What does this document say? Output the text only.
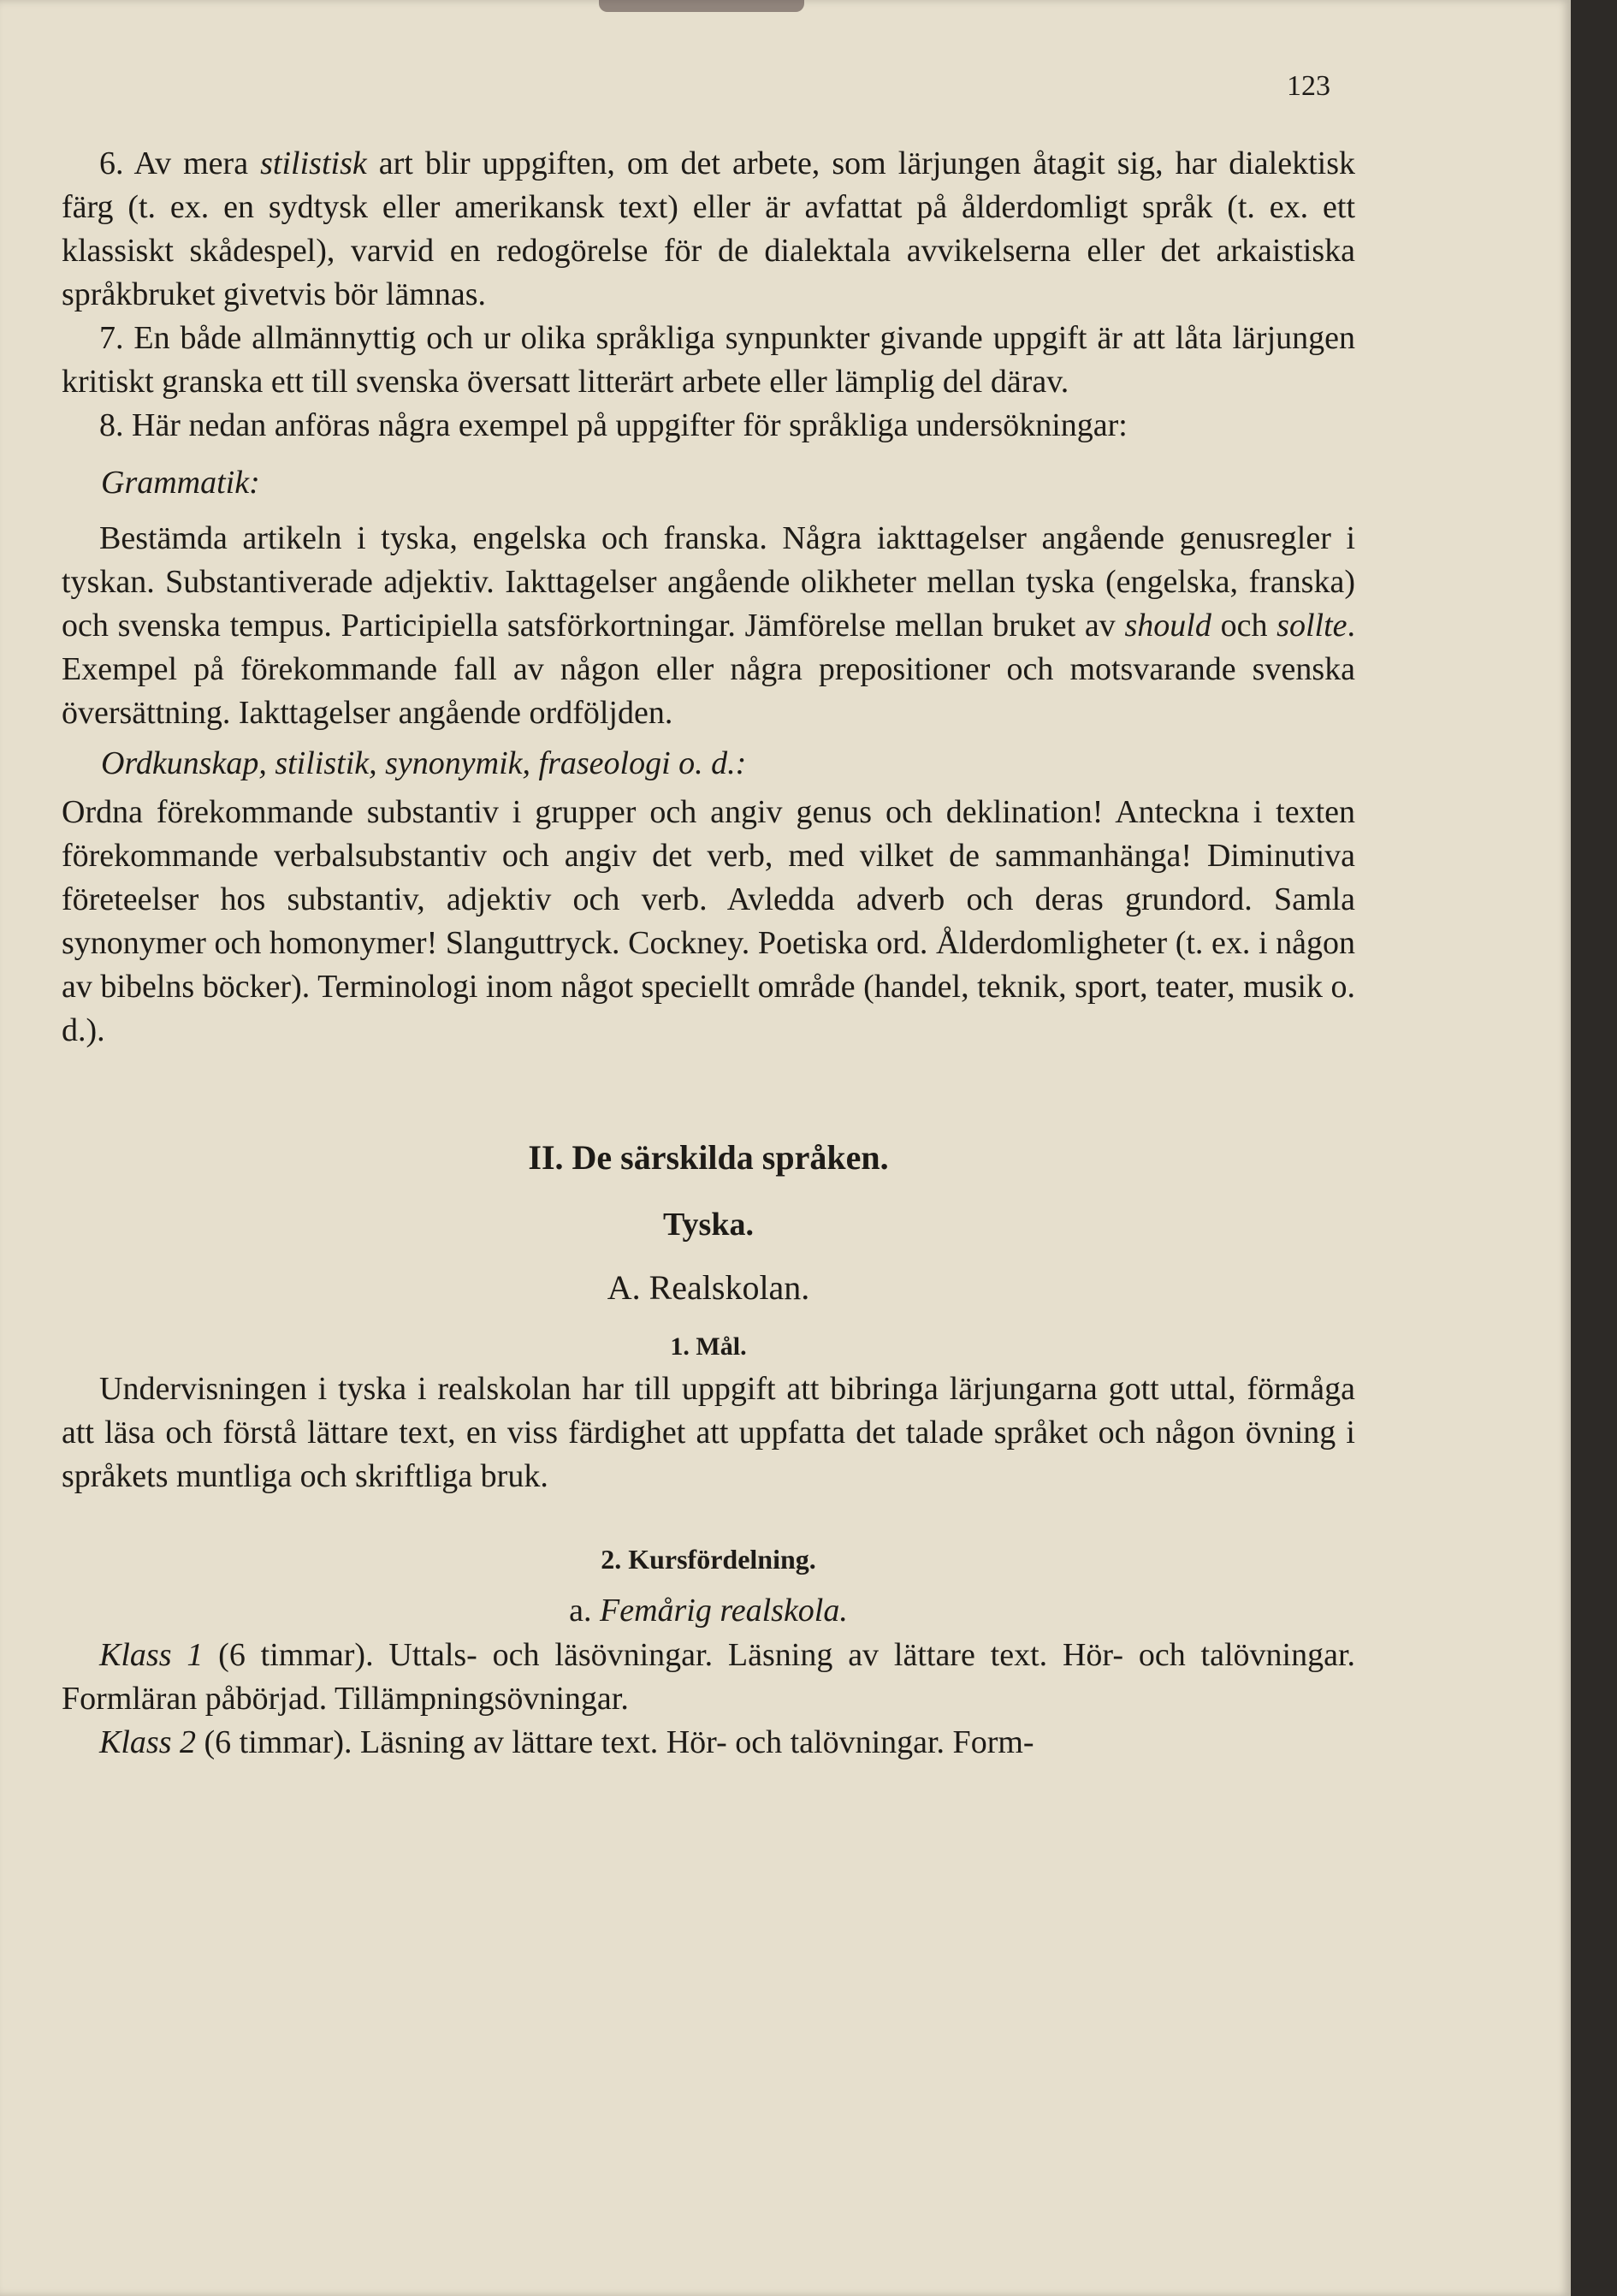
123

6. Av mera stilistisk art blir uppgiften, om det arbete, som lärjungen åtagit sig, har dialektisk färg (t. ex. en sydtysk eller amerikansk text) eller är avfattat på ålderdomligt språk (t. ex. ett klassiskt skådespel), varvid en redogörelse för de dialektala avvikelserna eller det arkaistiska språkbruket givetvis bör lämnas.

7. En både allmännyttig och ur olika språkliga synpunkter givande uppgift är att låta lärjungen kritiskt granska ett till svenska översatt litterärt arbete eller lämplig del därav.

8. Här nedan anföras några exempel på uppgifter för språkliga undersökningar:

Grammatik:

Bestämda artikeln i tyska, engelska och franska. Några iakttagelser angående genusregler i tyskan. Substantiverade adjektiv. Iakttagelser angående olikheter mellan tyska (engelska, franska) och svenska tempus. Participiella satsförkortningar. Jämförelse mellan bruket av should och sollte. Exempel på förekommande fall av någon eller några prepositioner och motsvarande svenska översättning. Iakttagelser angående ordföljden.

Ordkunskap, stilistik, synonymik, fraseologi o. d.:

Ordna förekommande substantiv i grupper och angiv genus och deklination! Anteckna i texten förekommande verbalsubstantiv och angiv det verb, med vilket de sammanhänga! Diminutiva företeelser hos substantiv, adjektiv och verb. Avledda adverb och deras grundord. Samla synonymer och homonymer! Slanguttryck. Cockney. Poetiska ord. Ålderdomligheter (t. ex. i någon av bibelns böcker). Terminologi inom något speciellt område (handel, teknik, sport, teater, musik o. d.).

II. De särskilda språken.

Tyska.

A. Realskolan.

1. Mål.

Undervisningen i tyska i realskolan har till uppgift att bibringa lärjungarna gott uttal, förmåga att läsa och förstå lättare text, en viss färdighet att uppfatta det talade språket och någon övning i språkets muntliga och skriftliga bruk.

2. Kursfördelning.

a. Femårig realskola.

Klass 1 (6 timmar). Uttals- och läsövningar. Läsning av lättare text. Hör- och talövningar. Formläran påbörjad. Tillämpningsövningar.

Klass 2 (6 timmar). Läsning av lättare text. Hör- och talövningar. Form-
